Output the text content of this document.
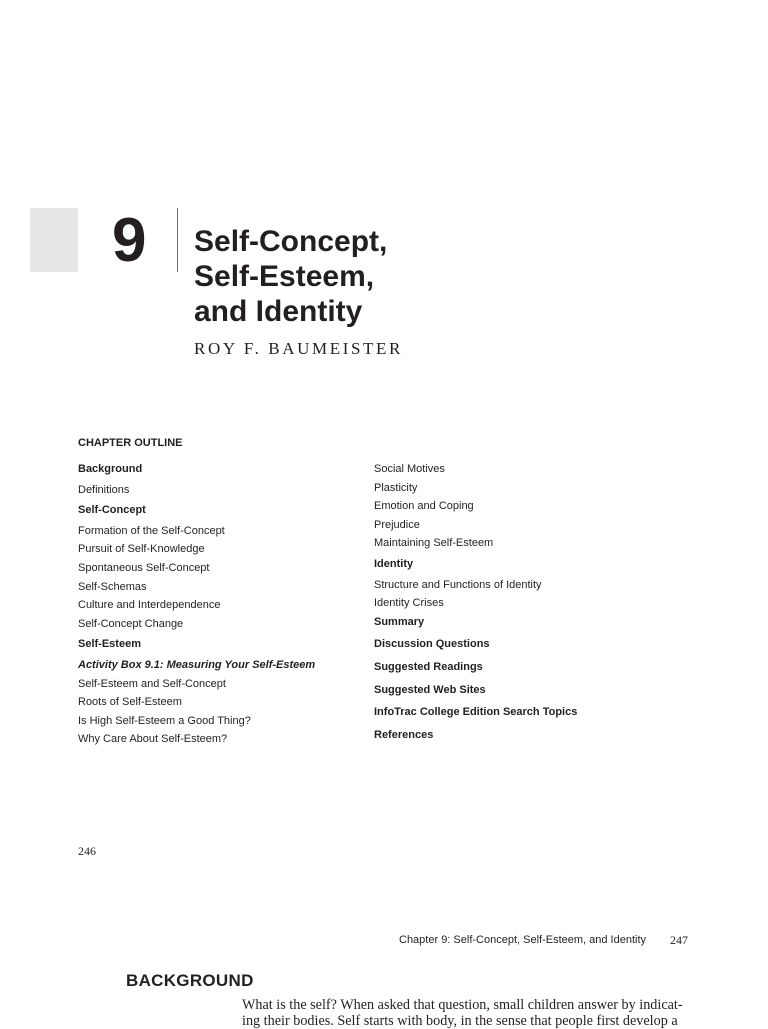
9 Self-Concept,
Self-Esteem,
and Identity
ROY F. BAUMEISTER
CHAPTER OUTLINE
Background
Definitions
Self-Concept
Formation of the Self-Concept
Pursuit of Self-Knowledge
Spontaneous Self-Concept
Self-Schemas
Culture and Interdependence
Self-Concept Change
Self-Esteem
Activity Box 9.1: Measuring Your Self-Esteem
Self-Esteem and Self-Concept
Roots of Self-Esteem
Is High Self-Esteem a Good Thing?
Why Care About Self-Esteem?
Social Motives
Plasticity
Emotion and Coping
Prejudice
Maintaining Self-Esteem
Identity
Structure and Functions of Identity
Identity Crises
Summary
Discussion Questions
Suggested Readings
Suggested Web Sites
InfoTrac College Edition Search Topics
References
246
Chapter 9: Self-Concept, Self-Esteem, and Identity 247
BACKGROUND

What is the self? When asked that question, small children answer by indicat-
ing their bodies. Self starts with body, in the sense that people first develop a
